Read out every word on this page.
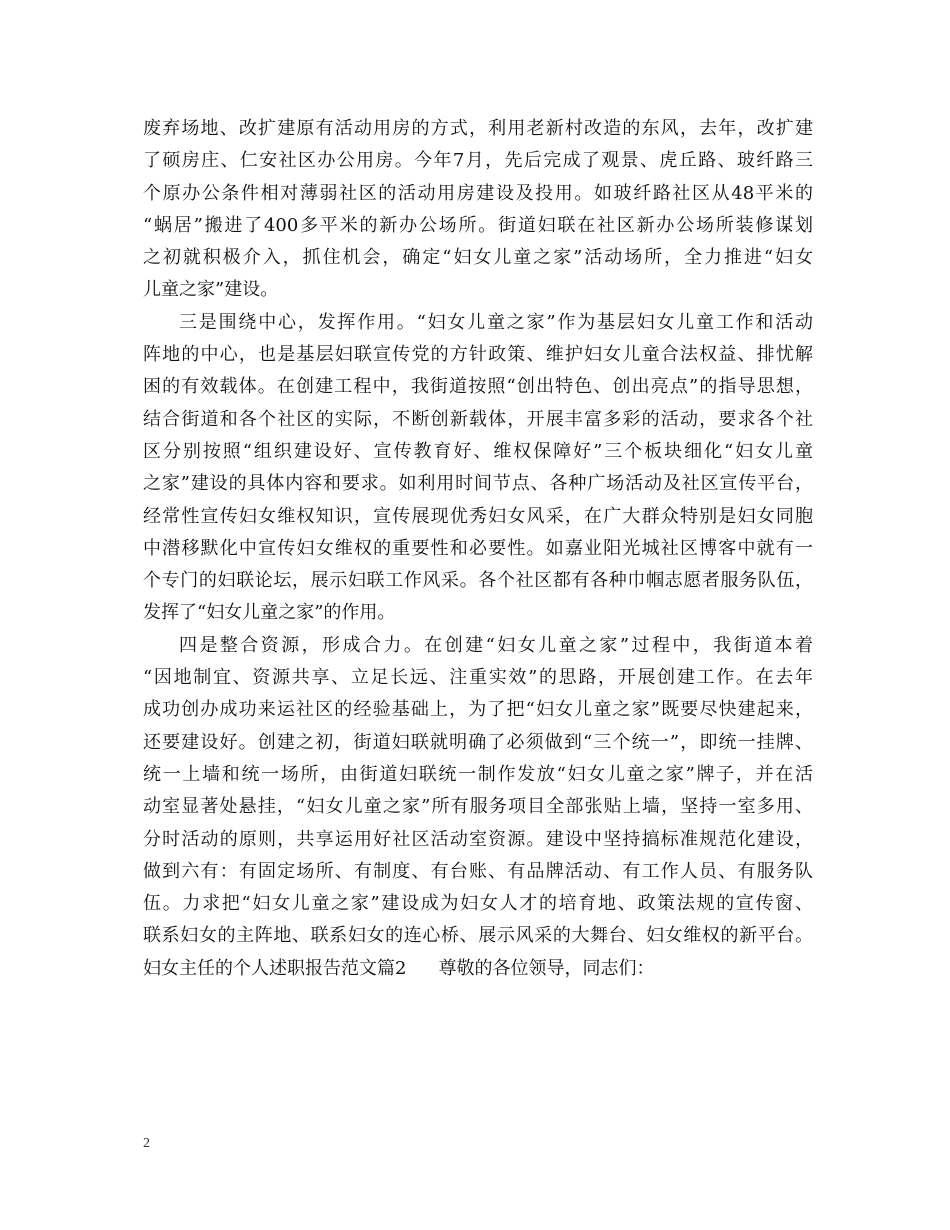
废弃场地、改扩建原有活动用房的方式，利用老新村改造的东风，去年，改扩建
了硕房庄、仁安社区办公用房。今年7月，先后完成了观景、虎丘路、玻纤路三
个原办公条件相对薄弱社区的活动用房建设及投用。如玻纤路社区从48平米的
“蜗居”搬进了400多平米的新办公场所。街道妇联在社区新办公场所装修谋划
之初就积极介入，抓住机会，确定“妇女儿童之家”活动场所，全力推进“妇女
儿童之家”建设。
三是围绕中心，发挥作用。“妇女儿童之家”作为基层妇女儿童工作和活动
阵地的中心，也是基层妇联宣传党的方针政策、维护妇女儿童合法权益、排忧解
困的有效载体。在创建工程中，我街道按照“创出特色、创出亮点”的指导思想，
结合街道和各个社区的实际，不断创新载体，开展丰富多彩的活动，要求各个社
区分别按照“组织建设好、宣传教育好、维权保障好”三个板块细化“妇女儿童
之家”建设的具体内容和要求。如利用时间节点、各种广场活动及社区宣传平台，
经常性宣传妇女维权知识，宣传展现优秀妇女风采，在广大群众特别是妇女同胞
中潜移默化中宣传妇女维权的重要性和必要性。如嘉业阳光城社区博客中就有一
个专门的妇联论坛，展示妇联工作风采。各个社区都有各种巾帼志愿者服务队伍，
发挥了“妇女儿童之家”的作用。
四是整合资源，形成合力。在创建“妇女儿童之家”过程中，我街道本着
“因地制宜、资源共享、立足长远、注重实效”的思路，开展创建工作。在去年
成功创办成功来运社区的经验基础上，为了把“妇女儿童之家”既要尽快建起来，
还要建设好。创建之初，街道妇联就明确了必须做到“三个统一”，即统一挂牌、
统一上墙和统一场所，由街道妇联统一制作发放“妇女儿童之家”牌子，并在活
动室显著处悬挂，“妇女儿童之家”所有服务项目全部张贴上墙，坚持一室多用、
分时活动的原则，共享运用好社区活动室资源。建设中坚持搞标准规范化建设，
做到六有：有固定场所、有制度、有台账、有品牌活动、有工作人员、有服务队
伍。力求把“妇女儿童之家”建设成为妇女人才的培育地、政策法规的宣传窗、
联系妇女的主阵地、联系妇女的连心桥、展示风采的大舞台、妇女维权的新平台。
妇女主任的个人述职报告范文篇2 尊敬的各位领导，同志们：
2
